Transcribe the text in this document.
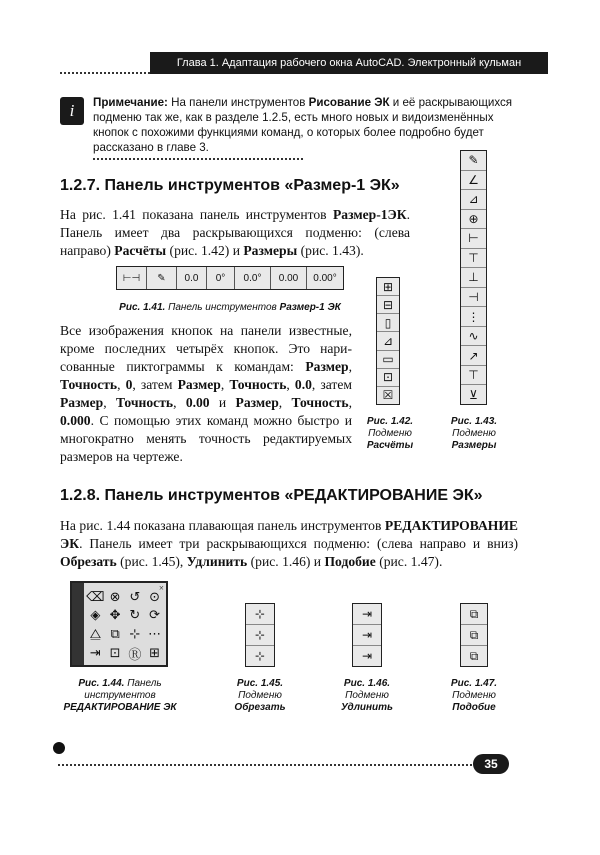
Глава 1. Адаптация рабочего окна AutoCAD. Электронный кульман
i	Примечание: На панели инструментов Рисование ЭК и её раскрывающихся подменю так же, как в разделе 1.2.5, есть много новых и видоизменённых кнопок с похожими функциями команд, о которых более подробно будет рассказано в главе 3.
1.2.7. Панель инструментов «Размер-1 ЭК»
На рис. 1.41 показана панель инструментов Размер-1ЭК. Панель имеет два раскрывающихся подменю: (слева направо) Расчёты (рис. 1.42) и Размеры (рис. 1.43).
⊢⊣	✎	0.0	0°	0.0°	0.00	0.00°
Рис. 1.41. Панель инструментов Размер-1 ЭК
Все изображения кнопок на панели известные, кроме последних четырёх кнопок. Это нарисованные пиктограммы к командам: Размер, Точность, 0, затем Размер, Точность, 0.0, затем Размер, Точность, 0.00 и Размер, Точность, 0.000. С помощью этих команд можно быстро и многократно менять точность редактируемых размеров на чертеже.
⊞
⊟
▯
⊿
▭
⊡
☒
Рис. 1.42.
Подменю
Расчёты
✎
∠
⊿
⊕
⊢
⊤
⊥
⊣
⋮
∿
↗
⊤
⊻
Рис. 1.43.
Подменю
Размеры
1.2.8. Панель инструментов «РЕДАКТИРОВАНИЕ ЭК»
На рис. 1.44 показана плавающая панель инструментов РЕДАКТИРОВАНИЕ ЭК. Панель имеет три раскрывающихся подменю: (слева направо и вниз) Обрезать (рис. 1.45), Удлинить (рис. 1.46) и Подобие (рис. 1.47).
×
⌫ ⊗ ↺ ⊙
◈ ✥ ↻ ⟳
⧋ ⧉ ⊹ ⋯
⇥ ⊡ Ⓡ ⊞
Рис. 1.44. Панель
инструментов
РЕДАКТИРОВАНИЕ ЭК
⊹
⊹
⊹
Рис. 1.45.
Подменю
Обрезать
⇥
⇥
⇥
Рис. 1.46.
Подменю
Удлинить
⧉
⧉
⧉
Рис. 1.47.
Подменю
Подобие
35
